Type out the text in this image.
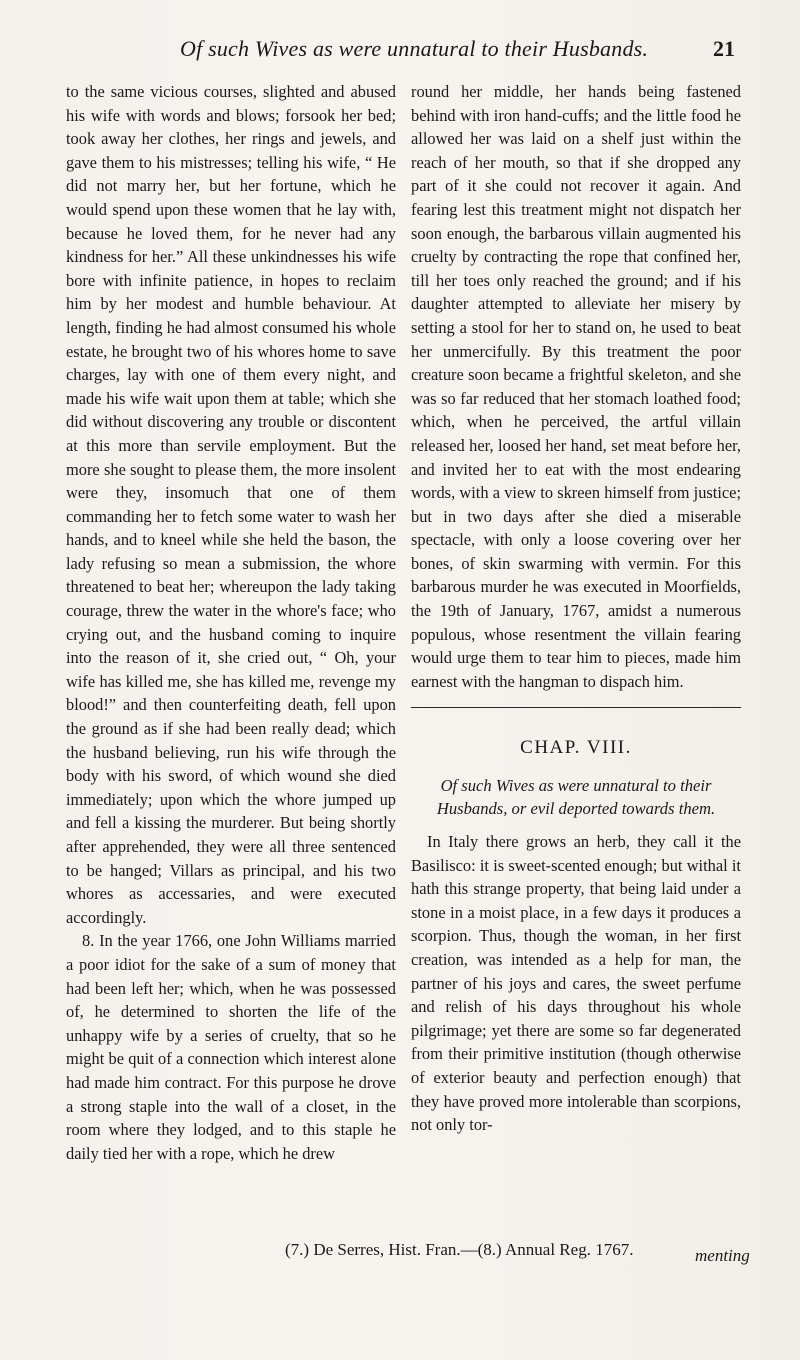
Of such Wives as were unnatural to their Husbands.	21

to the same vicious courses, slighted and abused his wife with words and blows; forsook her bed; took away her clothes, her rings and jewels, and gave them to his mistresses; telling his wife, “ He did not marry her, but her fortune, which he would spend upon these women that he lay with, because he loved them, for he never had any kindness for her.” All these unkindnesses his wife bore with infinite patience, in hopes to reclaim him by her modest and humble behaviour. At length, finding he had almost consumed his whole estate, he brought two of his whores home to save charges, lay with one of them every night, and made his wife wait upon them at table; which she did without discovering any trouble or discontent at this more than servile employment. But the more she sought to please them, the more insolent were they, insomuch that one of them commanding her to fetch some water to wash her hands, and to kneel while she held the bason, the lady refusing so mean a submission, the whore threatened to beat her; whereupon the lady taking courage, threw the water in the whore's face; who crying out, and the husband coming to inquire into the reason of it, she cried out, “ Oh, your wife has killed me, she has killed me, revenge my blood!” and then counterfeiting death, fell upon the ground as if she had been really dead; which the husband believing, run his wife through the body with his sword, of which wound she died immediately; upon which the whore jumped up and fell a kissing the murderer. But being shortly after apprehended, they were all three sentenced to be hanged; Villars as principal, and his two whores as accessaries, and were executed accordingly.

8. In the year 1766, one John Williams married a poor idiot for the sake of a sum of money that had been left her; which, when he was possessed of, he determined to shorten the life of the unhappy wife by a series of cruelty, that so he might be quit of a connection which interest alone had made him contract. For this purpose he drove a strong staple into the wall of a closet, in the room where they lodged, and to this staple he daily tied her with a rope, which he drew

round her middle, her hands being fastened behind with iron hand-cuffs; and the little food he allowed her was laid on a shelf just within the reach of her mouth, so that if she dropped any part of it she could not recover it again. And fearing lest this treatment might not dispatch her soon enough, the barbarous villain augmented his cruelty by contracting the rope that confined her, till her toes only reached the ground; and if his daughter attempted to alleviate her misery by setting a stool for her to stand on, he used to beat her unmercifully. By this treatment the poor creature soon became a frightful skeleton, and she was so far reduced that her stomach loathed food; which, when he perceived, the artful villain released her, loosed her hand, set meat before her, and invited her to eat with the most endearing words, with a view to skreen himself from justice; but in two days after she died a miserable spectacle, with only a loose covering over her bones, of skin swarming with vermin. For this barbarous murder he was executed in Moorfields, the 19th of January, 1767, amidst a numerous populous, whose resentment the villain fearing would urge them to tear him to pieces, made him earnest with the hangman to dispach him.

CHAP. VIII.
Of such Wives as were unnatural to their Husbands, or evil deported towards them.

In Italy there grows an herb, they call it the Basilisco: it is sweet-scented enough; but withal it hath this strange property, that being laid under a stone in a moist place, in a few days it produces a scorpion. Thus, though the woman, in her first creation, was intended as a help for man, the partner of his joys and cares, the sweet perfume and relish of his days throughout his whole pilgrimage; yet there are some so far degenerated from their primitive institution (though otherwise of exterior beauty and perfection enough) that they have proved more intolerable than scorpions, not only tor-

(7.) De Serres, Hist. Fran.—(8.) Annual Reg. 1767.	menting
